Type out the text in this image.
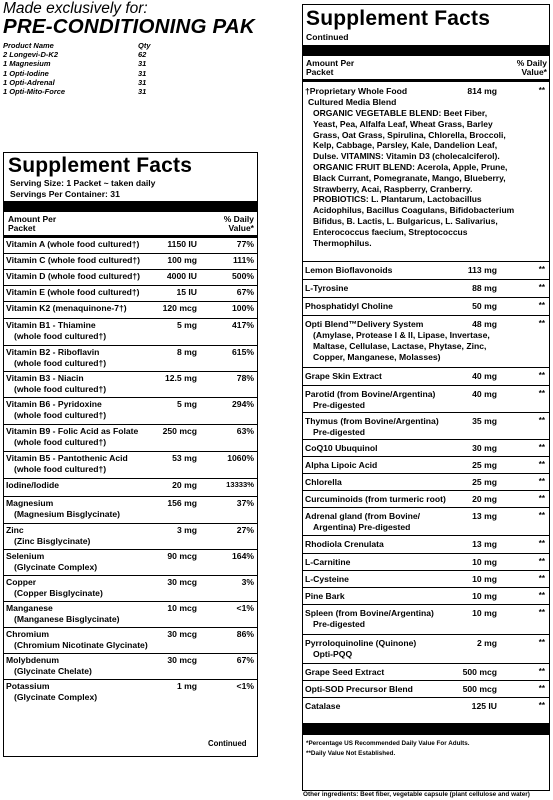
Made exclusively for:
PRE-CONDITIONING PAK
Product Name	Qty
2 Longevi-D-K2	62
1 Magnesium	31
1 Opti-Iodine	31
1 Opti-Adrenal	31
1 Opti-Mito-Force	31
Supplement Facts
Serving Size: 1 Packet ~ taken daily
Servings Per Container: 31
Amount Per
Packet
% Daily
Value*
Vitamin A (whole food cultured†)	1150 IU	77%
Vitamin C (whole food cultured†)	100 mg	111%
Vitamin D (whole food cultured†)	4000 IU	500%
Vitamin E (whole food cultured†)	15 IU	67%
Vitamin K2 (menaquinone-7†)	120 mcg	100%
Vitamin B1 - Thiamine	5 mg	417%
(whole food cultured†)
Vitamin B2 - Riboflavin	8 mg	615%
(whole food cultured†)
Vitamin B3 - Niacin	12.5 mg	78%
(whole food cultured†)
Vitamin B6 - Pyridoxine	5 mg	294%
(whole food cultured†)
Vitamin B9 - Folic Acid as Folate	250 mcg	63%
(whole food cultured†)
Vitamin B5 - Pantothenic Acid	53 mg	1060%
(whole food cultured†)
Iodine/Iodide	20 mg	13333%
Magnesium	156 mg	37%
(Magnesium Bisglycinate)
Zinc	3 mg	27%
(Zinc Bisglycinate)
Selenium	90 mcg	164%
(Glycinate Complex)
Copper	30 mcg	3%
(Copper Bisglycinate)
Manganese	10 mcg	<1%
(Manganese Bisglycinate)
Chromium	30 mcg	86%
(Chromium Nicotinate Glycinate)
Molybdenum	30 mcg	67%
(Glycinate Chelate)
Potassium	1 mg	<1%
(Glycinate Complex)
Continued
Supplement Facts
Continued
Amount Per
Packet
% Daily
Value*
†Proprietary Whole Food
Cultured Media Blend
814 mg	**

ORGANIC VEGETABLE BLEND: Beet Fiber,

Yeast, Pea, Alfalfa Leaf, Wheat Grass, Barley

Grass, Oat Grass, Spirulina, Chlorella, Broccoli,

Kelp, Cabbage, Parsley, Kale, Dandelion Leaf,

Dulse. VITAMINS: Vitamin D3 (cholecalciferol).

ORGANIC FRUIT BLEND: Acerola, Apple, Prune,

Black Currant, Pomegranate, Mango, Blueberry,

Strawberry, Acai, Raspberry, Cranberry.

PROBIOTICS: L. Plantarum, Lactobacillus

Acidophilus, Bacillus Coagulans, Bifidobacterium

Bifidus, B. Lactis, L. Bulgaricus, L. Salivarius,

Enterococcus faecium, Streptococcus

Thermophilus.

Lemon Bioflavonoids	113 mg	**
L-Tyrosine	88 mg	**
Phosphatidyl Choline	50 mg	**
Opti Blend™Delivery System	48 mg	**
(Amylase, Protease I & II, Lipase, Invertase,
Maltase, Cellulase, Lactase, Phytase, Zinc,
Copper, Manganese, Molasses)
Grape Skin Extract	40 mg	**
Parotid (from Bovine/Argentina)	40 mg	**
Pre-digested
Thymus (from Bovine/Argentina)	35 mg	**
Pre-digested
CoQ10 Ubuquinol	30 mg	**
Alpha Lipoic Acid	25 mg	**
Chlorella	25 mg	**
Curcuminoids (from turmeric root)	20 mg	**
Adrenal gland (from Bovine/	13 mg	**
Argentina) Pre-digested
Rhodiola Crenulata	13 mg	**
L-Carnitine	10 mg	**
L-Cysteine	10 mg	**
Pine Bark	10 mg	**
Spleen (from Bovine/Argentina)	10 mg	**
Pre-digested
Pyrroloquinoline (Quinone)	2 mg	**
Opti-PQQ
Grape Seed Extract	500 mcg	**
Opti-SOD Precursor Blend	500 mcg	**
Catalase	125 IU	**
*Percentage US Recommended Daily Value For Adults.
**Daily Value Not Established.
Other ingredients: Beet fiber, vegetable capsule (plant cellulose and water)
